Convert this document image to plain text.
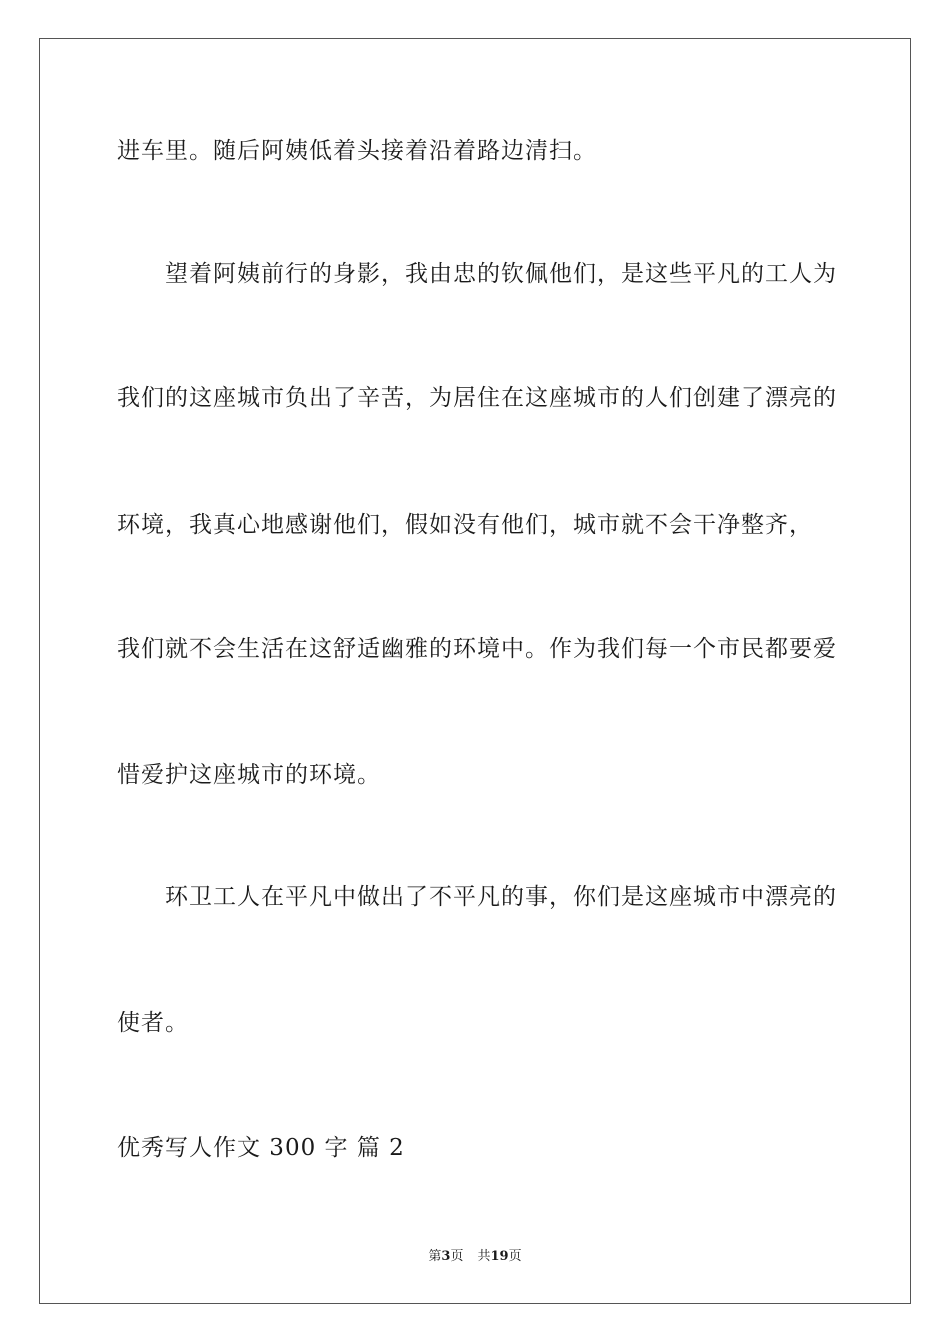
进车里。随后阿姨低着头接着沿着路边清扫。
望着阿姨前行的身影，我由忠的钦佩他们，是这些平凡的工人为
我们的这座城市负出了辛苦，为居住在这座城市的人们创建了漂亮的
环境，我真心地感谢他们，假如没有他们，城市就不会干净整齐，
我们就不会生活在这舒适幽雅的环境中。作为我们每一个市民都要爱
惜爱护这座城市的环境。
环卫工人在平凡中做出了不平凡的事，你们是这座城市中漂亮的
使者。
优秀写人作文 300 字 篇 2
第3页 共19页
